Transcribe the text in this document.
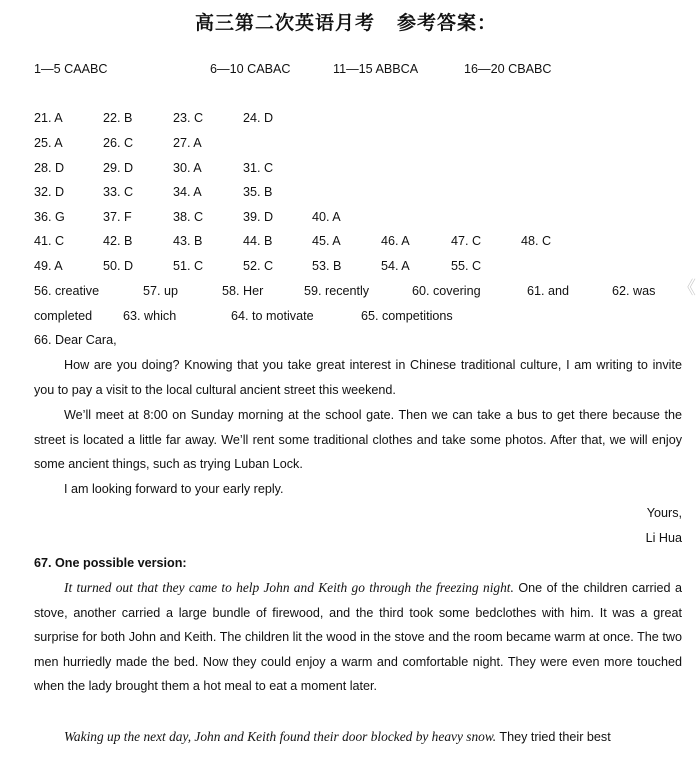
高三第二次英语月考 参考答案：
1—5 CAABC	6—10 CABAC	11—15 ABBCA	16—20 CBABC
21. A	22. B	23. C	24. D
25. A	26. C	27. A
28. D	29. D	30. A	31. C
32. D	33. C	34. A	35. B
36. G	37. F	38. C	39. D	40. A
41. C	42. B	43. B	44. B	45. A	46. A	47. C	48. C
49. A	50. D	51. C	52. C	53. B	54. A	55. C
56. creative	57. up	58. Her	59. recently	60. covering	61. and	62. was
completed 63. which	64. to motivate	65. competitions
《
66. Dear Cara,
How are you doing? Knowing that you take great interest in Chinese traditional culture, I am writing to invite you to pay a visit to the local cultural ancient street this weekend.
We’ll meet at 8:00 on Sunday morning at the school gate. Then we can take a bus to get there because the street is located a little far away. We’ll rent some traditional clothes and take some photos. After that, we will enjoy some ancient things, such as trying Luban Lock.
I am looking forward to your early reply.
Yours,
Li Hua
67. One possible version:
It turned out that they came to help John and Keith go through the freezing night. One of the children carried a stove, another carried a large bundle of firewood, and the third took some bedclothes with him. It was a great surprise for both John and Keith. The children lit the wood in the stove and the room became warm at once. The two men hurriedly made the bed. Now they could enjoy a warm and comfortable night. They were even more touched when the lady brought them a hot meal to eat a moment later.
Waking up the next day, John and Keith found their door blocked by heavy snow. They tried their best
